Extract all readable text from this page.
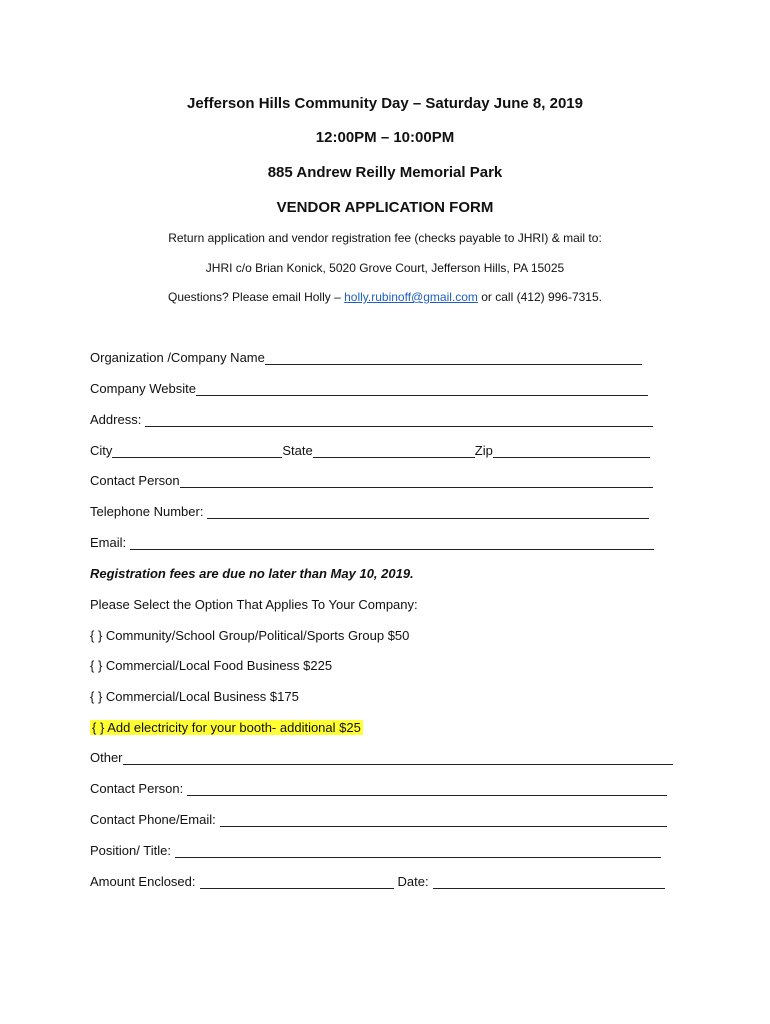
Jefferson Hills Community Day – Saturday June 8, 2019
12:00PM – 10:00PM
885 Andrew Reilly Memorial Park
VENDOR APPLICATION FORM
Return application and vendor registration fee (checks payable to JHRI) & mail to:
JHRI c/o Brian Konick, 5020 Grove Court, Jefferson Hills, PA 15025
Questions? Please email Holly – holly.rubinoff@gmail.com or call (412) 996-7315.
Organization /Company Name
Company Website
Address:
City	State	Zip
Contact Person
Telephone Number:
Email:
Registration fees are due no later than May 10, 2019.
Please Select the Option That Applies To Your Company:
{ } Community/School Group/Political/Sports Group $50
{ } Commercial/Local Food Business $225
{ } Commercial/Local Business $175
{ } Add electricity for your booth- additional $25
Other
Contact Person:
Contact Phone/Email:
Position/ Title:
Amount Enclosed:	Date:
